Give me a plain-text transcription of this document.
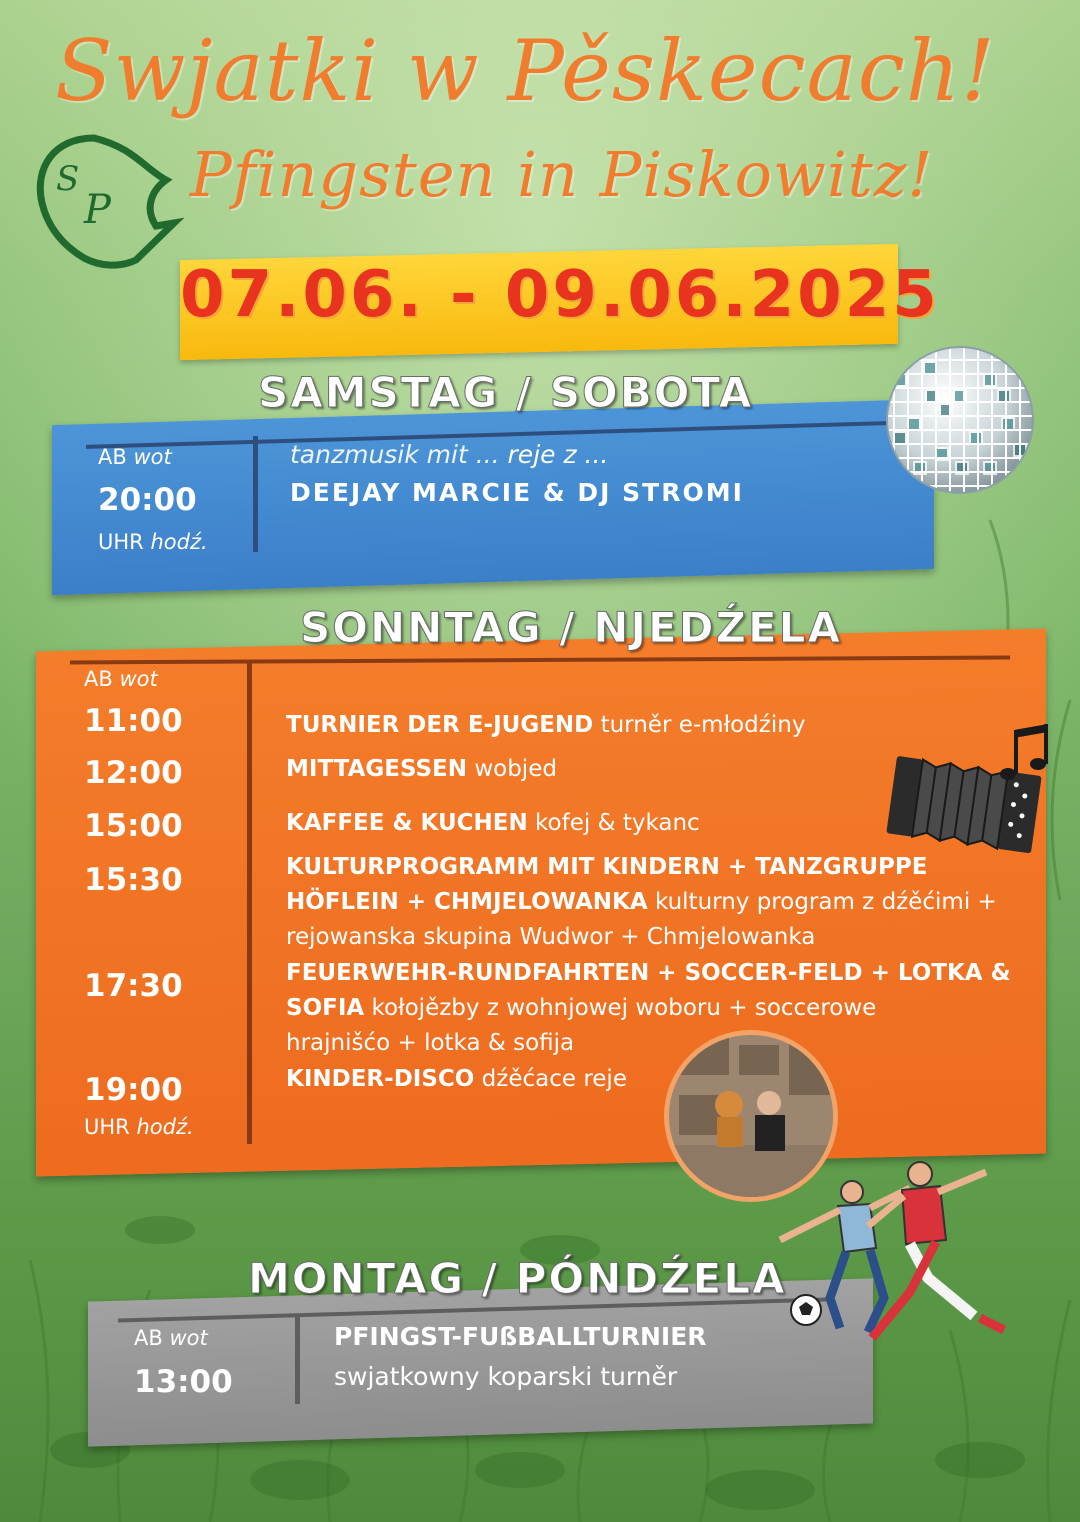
S
P
Swjatki w Pěskecach!
Pfingsten in Piskowitz!
07.06. - 09.06.2025
SAMSTAG / SOBOTA
AB wot
20:00
UHR hodź.
tanzmusik mit ... reje z ...
DEEJAY MARCIE & DJ STROMI
SONNTAG / NJEDŹELA
AB wot
11:00
12:00
15:00
15:30
17:30
19:00
UHR hodź.
TURNIER DER E-JUGEND turněr e-młodźiny
MITTAGESSEN wobjed
KAFFEE & KUCHEN kofej & tykanc
KULTURPROGRAMM MIT KINDERN + TANZGRUPPE
HÖFLEIN + CHMJELOWANKA kulturny program z dźěćimi +
rejowanska skupina Wudwor + Chmjelowanka
FEUERWEHR-RUNDFAHRTEN + SOCCER-FELD + LOTKA &
SOFIA kołojězby z wohnjowej woboru + soccerowe
hrajnišćo + lotka & sofija
KINDER-DISCO dźěćace reje
MONTAG / PÓNDŹELA
AB wot
13:00
PFINGST-FUßBALLTURNIER
swjatkowny koparski turněr
